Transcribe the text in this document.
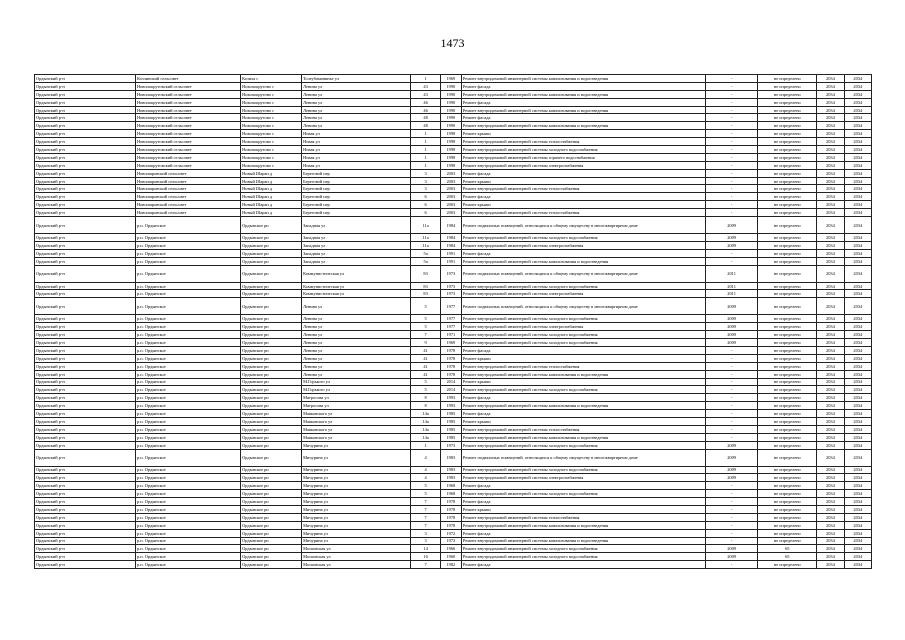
1473
Ордынский р-н	Козлинский сельсовет	Козиха с	Толеубаманинье ул	1	1969	Ремонт внутридомовой инженерной системы канализования и водоотведения	-	не определено	2034	2034
Ордынский р-н	Новопокрутовский сельсовет	Новопокрутово с	Ленина ул	43	1990	Ремонт фасада	-	не определено	2034	2034
Ордынский р-н	Новопокрутовский сельсовет	Новопокрутово с	Ленина ул	43	1990	Ремонт внутридомовой инженерной системы канализования и водоотведения	-	не определено	2034	2034
Ордынский р-н	Новопокрутовский сельсовет	Новопокрутово с	Ленина ул	46	1990	Ремонт фасада	-	не определено	2034	2034
Ордынский р-н	Новопокрутовский сельсовет	Новопокрутово с	Ленина ул	46	1990	Ремонт внутридомовой инженерной системы канализования и водоотведения	-	не определено	2034	2034
Ордынский р-н	Новопокрутовский сельсовет	Новопокрутово с	Ленина ул	48	1990	Ремонт фасада	-	не определено	2034	2034
Ордынский р-н	Новопокрутовский сельсовет	Новопокрутово с	Ленина ул	48	1990	Ремонт внутридомовой инженерной системы канализования и водоотведения	-	не определено	2034	2034
Ордынский р-н	Новопокрутовский сельсовет	Новопокрутово с	Новая ул	1	1998	Ремонт крыши	-	не определено	2034	2034
Ордынский р-н	Новопокрутовский сельсовет	Новопокрутово с	Новая ул	1	1998	Ремонт внутридомовой инженерной системы теплоснабжения	-	не определено	2034	2034
Ордынский р-н	Новопокрутовский сельсовет	Новопокрутово с	Новая ул	1	1998	Ремонт внутридомовой инженерной системы холодного водоснабжения	-	не определено	2034	2034
Ордынский р-н	Новопокрутовский сельсовет	Новопокрутово с	Новая ул	1	1998	Ремонт внутридомовой инженерной системы горячего водоснабжения	-	не определено	2034	2034
Ордынский р-н	Новопокрутовский сельсовет	Новопокрутово с	Новая ул	1	1998	Ремонт внутридомовой инженерной системы электроснабжения	-	не определено	2034	2034
Ордынский р-н	Новошаровский сельсовет	Новый Шарап д	Береговой пер	3	2003	Ремонт фасада	-	не определено	2034	2034
Ордынский р-н	Новошаровский сельсовет	Новый Шарап д	Береговой пер	3	2003	Ремонт крыши	-	не определено	2034	2034
Ордынский р-н	Новошаровский сельсовет	Новый Шарап д	Береговой пер	3	2003	Ремонт внутридомовой инженерной системы теплоснабжения	-	не определено	2034	2034
Ордынский р-н	Новошаровский сельсовет	Новый Шарап д	Береговой пер	6	2003	Ремонт фасада	-	не определено	2034	2034
Ордынский р-н	Новошаровский сельсовет	Новый Шарап д	Береговой пер	6	2003	Ремонт крыши	-	не определено	2034	2034
Ордынский р-н	Новошаровский сельсовет	Новый Шарап д	Береговой пер	6	2003	Ремонт внутридомовой инженерной системы теплоснабжения	-	не определено	2034	2034
Ордынский р-н	р.п. Ордынское	Ордынское рп	Западная ул	11а	1984	Ремонт подвальных помещений, относящихся к общему имуществу в многоквартирном доме	2009	не определено	2034	2034
Ордынский р-н	р.п. Ордынское	Ордынское рп	Западная ул	11а	1984	Ремонт внутридомовой инженерной системы холодного водоснабжения	2009	не определено	2034	2034
Ордынский р-н	р.п. Ордынское	Ордынское рп	Западная ул	11а	1984	Ремонт внутридомовой инженерной системы электроснабжения	2009	не определено	2034	2034
Ордынский р-н	р.п. Ордынское	Ордынское рп	Западная ул	5а	1991	Ремонт фасада	-	не определено	2034	2034
Ордынский р-н	р.п. Ордынское	Ордынское рп	Западная ул	5а	1991	Ремонт внутридомовой инженерной системы канализования и водоотведения	-	не определено	2034	2034
Ордынский р-н	р.п. Ордынское	Ордынское рп	Коммунистическая ул	83	1973	Ремонт подвальных помещений, относящихся к общему имуществу в многоквартирном доме	2011	не определено	2034	2034
Ордынский р-н	р.п. Ордынское	Ордынское рп	Коммунистическая ул	83	1973	Ремонт внутридомовой инженерной системы холодного водоснабжения	2011	не определено	2034	2034
Ордынский р-н	р.п. Ордынское	Ордынское рп	Коммунистическая ул	83	1973	Ремонт внутридомовой инженерной системы электроснабжения	2011	не определено	2034	2034
Ордынский р-н	р.п. Ордынское	Ордынское рп	Ленина ул	5	1977	Ремонт подвальных помещений, относящихся к общему имуществу в многоквартирном доме	2009	не определено	2034	2034
Ордынский р-н	р.п. Ордынское	Ордынское рп	Ленина ул	5	1977	Ремонт внутридомовой инженерной системы холодного водоснабжения	2009	не определено	2034	2034
Ордынский р-н	р.п. Ордынское	Ордынское рп	Ленина ул	5	1977	Ремонт внутридомовой инженерной системы электроснабжения	2009	не определено	2034	2034
Ордынский р-н	р.п. Ордынское	Ордынское рп	Ленина ул	7	1971	Ремонт внутридомовой инженерной системы холодного водоснабжения	2009	не определено	2034	2034
Ордынский р-н	р.п. Ордынское	Ордынское рп	Ленина ул	9	1969	Ремонт внутридомовой инженерной системы холодного водоснабжения	2009	не определено	2034	2034
Ордынский р-н	р.п. Ордынское	Ордынское рп	Ленина ул	41	1978	Ремонт фасада	-	не определено	2034	2034
Ордынский р-н	р.п. Ордынское	Ордынское рп	Ленина ул	41	1978	Ремонт крыши	-	не определено	2034	2034
Ордынский р-н	р.п. Ордынское	Ордынское рп	Ленина ул	41	1978	Ремонт внутридомовой инженерной системы теплоснабжения	-	не определено	2034	2034
Ордынский р-н	р.п. Ордынское	Ордынское рп	Ленина ул	41	1978	Ремонт внутридомовой инженерной системы канализования и водоотведения	-	не определено	2034	2034
Ордынский р-н	р.п. Ордынское	Ордынское рп	М.Горького ул	5	2014	Ремонт крыши	-	не определено	2034	2034
Ордынский р-н	р.п. Ордынское	Ордынское рп	М.Горького ул	5	2014	Ремонт внутридомовой инженерной системы холодного водоснабжения	-	не определено	2034	2034
Ордынский р-н	р.п. Ордынское	Ордынское рп	Матросова ул	8	1993	Ремонт фасада	-	не определено	2034	2034
Ордынский р-н	р.п. Ордынское	Ордынское рп	Матросова ул	8	1993	Ремонт внутридомовой инженерной системы канализования и водоотведения	-	не определено	2034	2034
Ордынский р-н	р.п. Ордынское	Ордынское рп	Маяковского ул	14а	1985	Ремонт фасада	-	не определено	2034	2034
Ордынский р-н	р.п. Ордынское	Ордынское рп	Маяковского ул	14а	1985	Ремонт крыши	-	не определено	2034	2034
Ордынский р-н	р.п. Ордынское	Ордынское рп	Маяковского ул	14а	1985	Ремонт внутридомовой инженерной системы теплоснабжения	-	не определено	2034	2034
Ордынский р-н	р.п. Ордынское	Ордынское рп	Маяковского ул	14а	1985	Ремонт внутридомовой инженерной системы канализования и водоотведения	-	не определено	2034	2034
Ордынский р-н	р.п. Ордынское	Ордынское рп	Мичурина ул	1	1973	Ремонт внутридомовой инженерной системы холодного водоснабжения	2009	не определено	2034	2034
Ордынский р-н	р.п. Ордынское	Ордынское рп	Мичурина ул	4	1983	Ремонт подвальных помещений, относящихся к общему имуществу в многоквартирном доме	2009	не определено	2034	2034
Ордынский р-н	р.п. Ордынское	Ордынское рп	Мичурина ул	4	1983	Ремонт внутридомовой инженерной системы холодного водоснабжения	2009	не определено	2034	2034
Ордынский р-н	р.п. Ордынское	Ордынское рп	Мичурина ул	4	1983	Ремонт внутридомовой инженерной системы электроснабжения	2009	не определено	2034	2034
Ордынский р-н	р.п. Ордынское	Ордынское рп	Мичурина ул	5	1968	Ремонт фасада	-	не определено	2034	2034
Ордынский р-н	р.п. Ордынское	Ордынское рп	Мичурина ул	5	1968	Ремонт внутридомовой инженерной системы холодного водоснабжения	-	не определено	2034	2034
Ордынский р-н	р.п. Ордынское	Ордынское рп	Мичурина ул	7	1978	Ремонт фасада	-	не определено	2034	2034
Ордынский р-н	р.п. Ордынское	Ордынское рп	Мичурина ул	7	1978	Ремонт крыши	-	не определено	2034	2034
Ордынский р-н	р.п. Ордынское	Ордынское рп	Мичурина ул	7	1978	Ремонт внутридомовой инженерной системы теплоснабжения	-	не определено	2034	2034
Ордынский р-н	р.п. Ордынское	Ордынское рп	Мичурина ул	7	1978	Ремонт внутридомовой инженерной системы канализования и водоотведения	-	не определено	2034	2034
Ордынский р-н	р.п. Ордынское	Ордынское рп	Мичурина ул	3	1972	Ремонт фасада	-	не определено	2034	2034
Ордынский р-н	р.п. Ордынское	Ордынское рп	Мичурина ул	3	1972	Ремонт внутридомовой инженерной системы канализования и водоотведения	-	не определено	2034	2034
Ордынский р-н	р.п. Ордынское	Ордынское рп	Московская ул	14	1966	Ремонт внутридомовой инженерной системы холодного водоснабжения	2009	65	2034	2034
Ордынский р-н	р.п. Ордынское	Ордынское рп	Московская ул	16	1960	Ремонт внутридомовой инженерной системы холодного водоснабжения	2009	65	2034	2034
Ордынский р-н	р.п. Ордынское	Ордынское рп	Московская ул	7	1982	Ремонт фасада	-	не определено	2034	2034
